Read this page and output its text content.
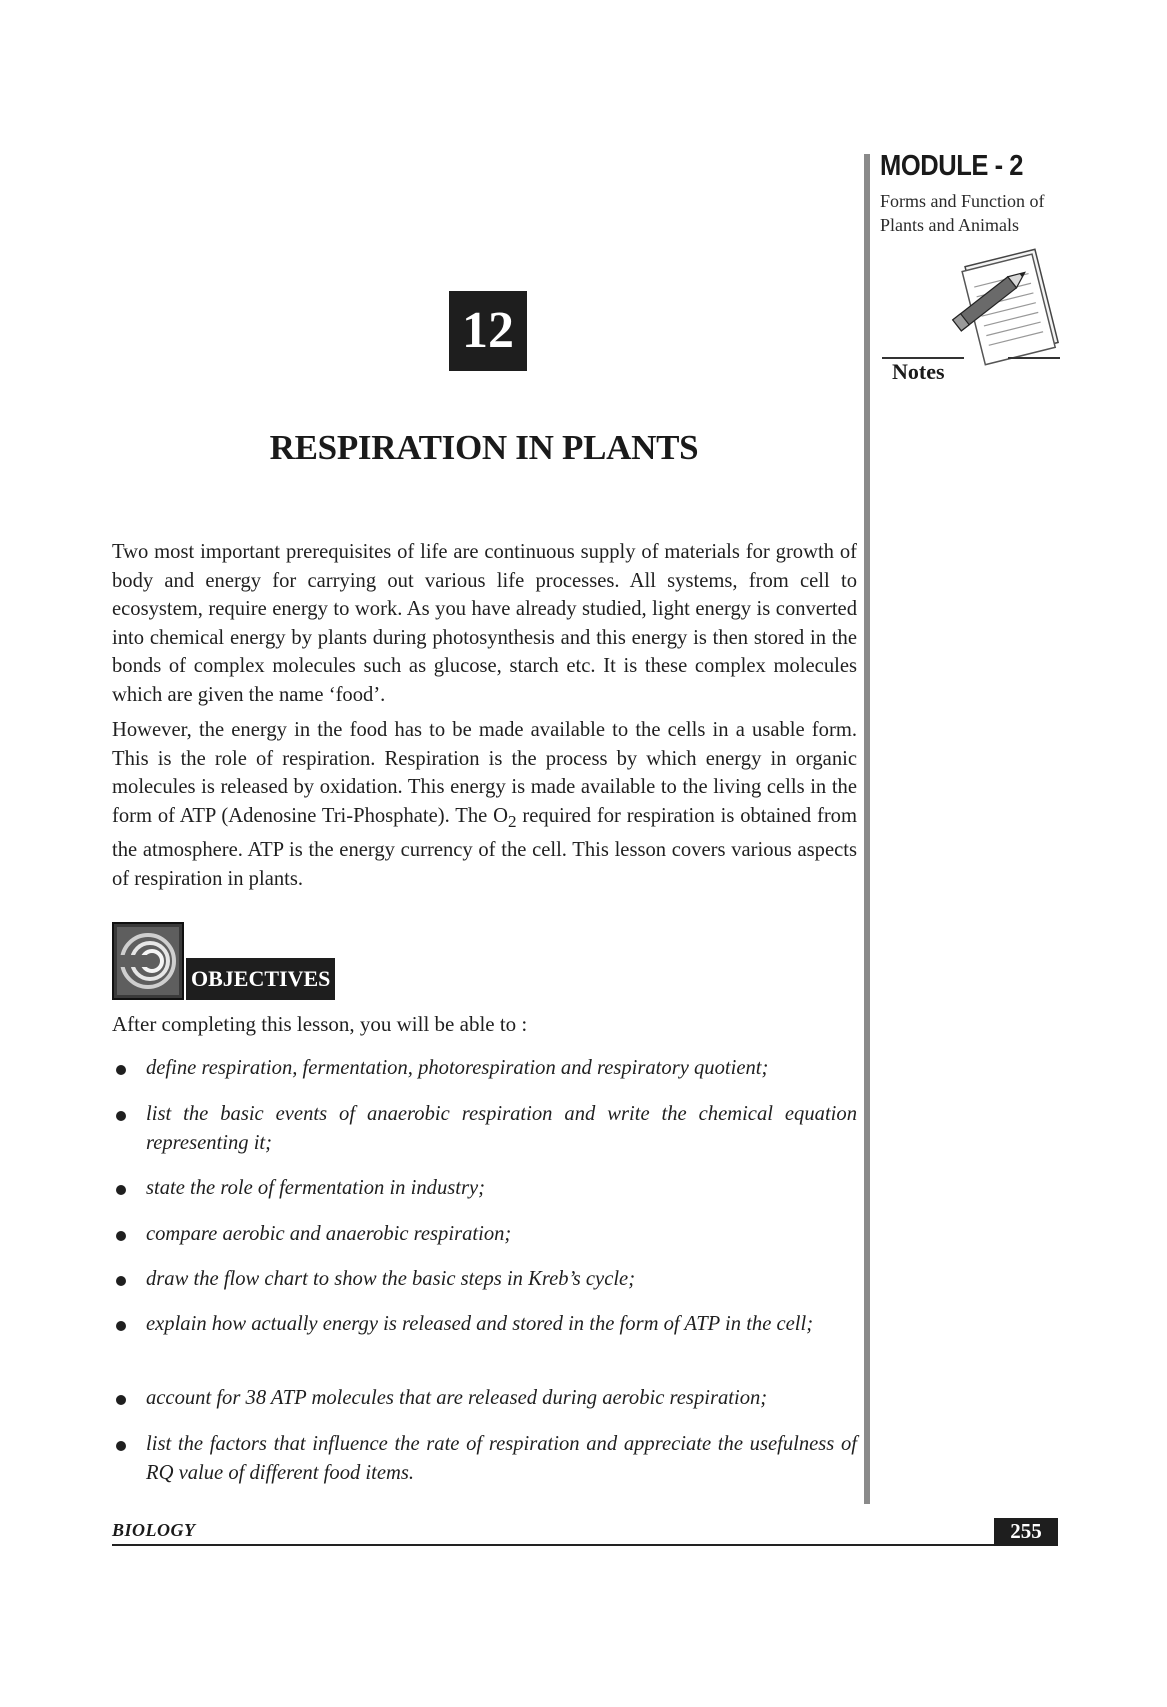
MODULE - 2
Forms and Function of Plants and Animals
Notes
12
RESPIRATION IN PLANTS

Two most important prerequisites of life are continuous supply of materials for growth of body and energy for carrying out various life processes. All systems, from cell to ecosystem, require energy to work. As you have already studied, light energy is converted into chemical energy by plants during photosynthesis and this energy is then stored in the bonds of complex molecules such as glucose, starch etc. It is these complex molecules which are given the name ‘food’.

However, the energy in the food has to be made available to the cells in a usable form. This is the role of respiration. Respiration is the process by which energy in organic molecules is released by oxidation. This energy is made available to the living cells in the form of ATP (Adenosine Tri-Phosphate). The $O_2$ required for respiration is obtained from the atmosphere. ATP is the energy currency of the cell. This lesson covers various aspects of respiration in plants.

OBJECTIVES

After completing this lesson, you will be able to :

define respiration, fermentation, photorespiration and respiratory quotient;
list the basic events of anaerobic respiration and write the chemical equation representing it;
state the role of fermentation in industry;
compare aerobic and anaerobic respiration;
draw the flow chart to show the basic steps in Kreb’s cycle;
explain how actually energy is released and stored in the form of ATP in the cell;
account for 38 ATP molecules that are released during aerobic respiration;
list the factors that influence the rate of respiration and appreciate the usefulness of RQ value of different food items.
BIOLOGY	255
